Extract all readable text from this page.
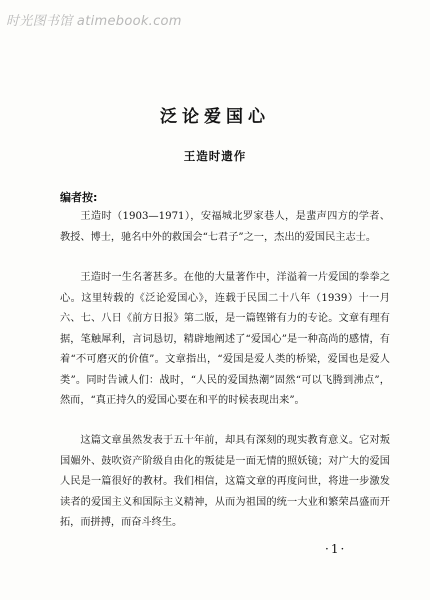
时光图书馆 atimebook.com
泛论爱国心
王造时遗作
编者按:

王造时（1903—1971），安福城北罗家巷人，是蜚声四方的学者、教授、博士，驰名中外的救国会“七君子”之一，杰出的爱国民主志士。

王造时一生名著甚多。在他的大量著作中，洋溢着一片爱国的拳拳之心。这里转载的《泛论爱国心》，连载于民国二十八年（1939）十一月六、七、八日《前方日报》第二版，是一篇铿锵有力的专论。文章有理有据，笔触犀利，言词恳切，精辟地阐述了“爱国心”是一种高尚的感情，有着“不可磨灭的价值”。文章指出，“爱国是爱人类的桥梁，爱国也是爱人类”。同时告诫人们：战时，“人民的爱国热潮”固然“可以飞腾到沸点”，然而，“真正持久的爱国心要在和平的时候表现出来”。

这篇文章虽然发表于五十年前，却具有深刻的现实教育意义。它对叛国媚外、鼓吹资产阶级自由化的叛徒是一面无情的照妖镜；对广大的爱国人民是一篇很好的教材。我们相信，这篇文章的再度问世，将进一步激发读者的爱国主义和国际主义精神，从而为祖国的统一大业和繁荣昌盛而开拓，而拼搏，而奋斗终生。

·1·
